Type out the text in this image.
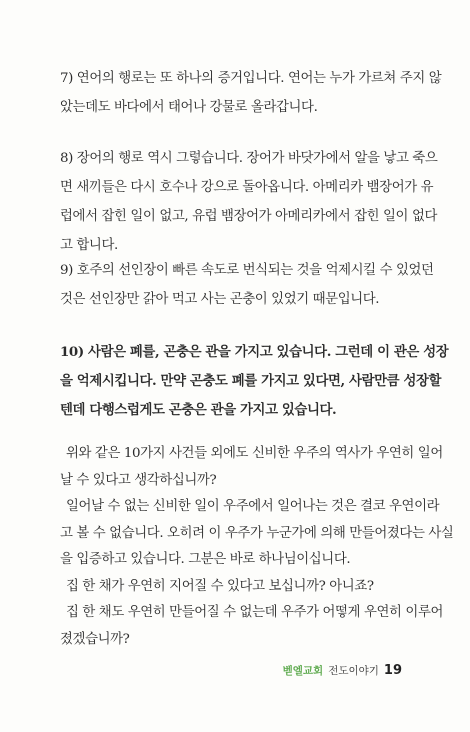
7) 연어의 행로는 또 하나의 증거입니다. 연어는 누가 가르쳐 주지 않
았는데도 바다에서 태어나 강물로 올라갑니다.
8) 장어의 행로 역시 그렇습니다. 장어가 바닷가에서 알을 낳고 죽으
면 새끼들은 다시 호수나 강으로 돌아옵니다. 아메리카 뱀장어가 유
럽에서 잡힌 일이 없고, 유럽 뱀장어가 아메리카에서 잡힌 일이 없다
고 합니다.
9) 호주의 선인장이 빠른 속도로 번식되는 것을 억제시킬 수 있었던
것은 선인장만 갉아 먹고 사는 곤충이 있었기 때문입니다.
10) 사람은 폐를, 곤충은 관을 가지고 있습니다. 그런데 이 관은 성장
을 억제시킵니다. 만약 곤충도 폐를 가지고 있다면, 사람만큼 성장할
텐데 다행스럽게도 곤충은 관을 가지고 있습니다.
위와 같은 10가지 사건들 외에도 신비한 우주의 역사가 우연히 일어
날 수 있다고 생각하십니까?
일어날 수 없는 신비한 일이 우주에서 일어나는 것은 결코 우연이라
고 볼 수 없습니다. 오히려 이 우주가 누군가에 의해 만들어졌다는 사실
을 입증하고 있습니다. 그분은 바로 하나님이십니다.
집 한 채가 우연히 지어질 수 있다고 보십니까? 아니죠?
집 한 채도 우연히 만들어질 수 없는데 우주가 어떻게 우연히 이루어
졌겠습니까?
벧엘교회 전도이야기 19
